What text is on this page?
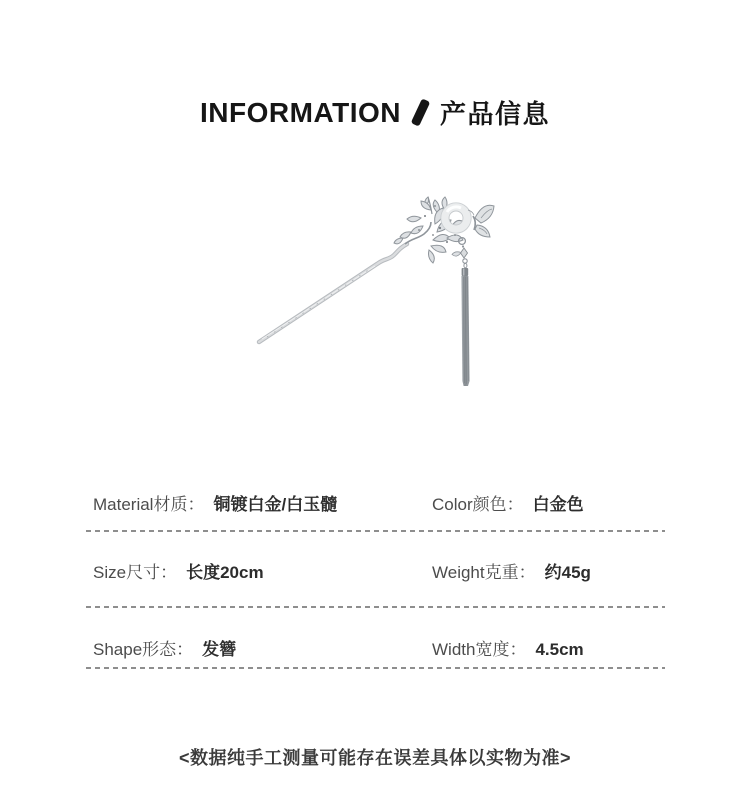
INFORMATION 产品信息
Material材质： 铜镀白金/白玉髓	Color颜色： 白金色
Size尺寸： 长度20cm	Weight克重： 约45g
Shape形态： 发簪	Width宽度： 4.5cm
<数据纯手工测量可能存在误差具体以实物为准>
